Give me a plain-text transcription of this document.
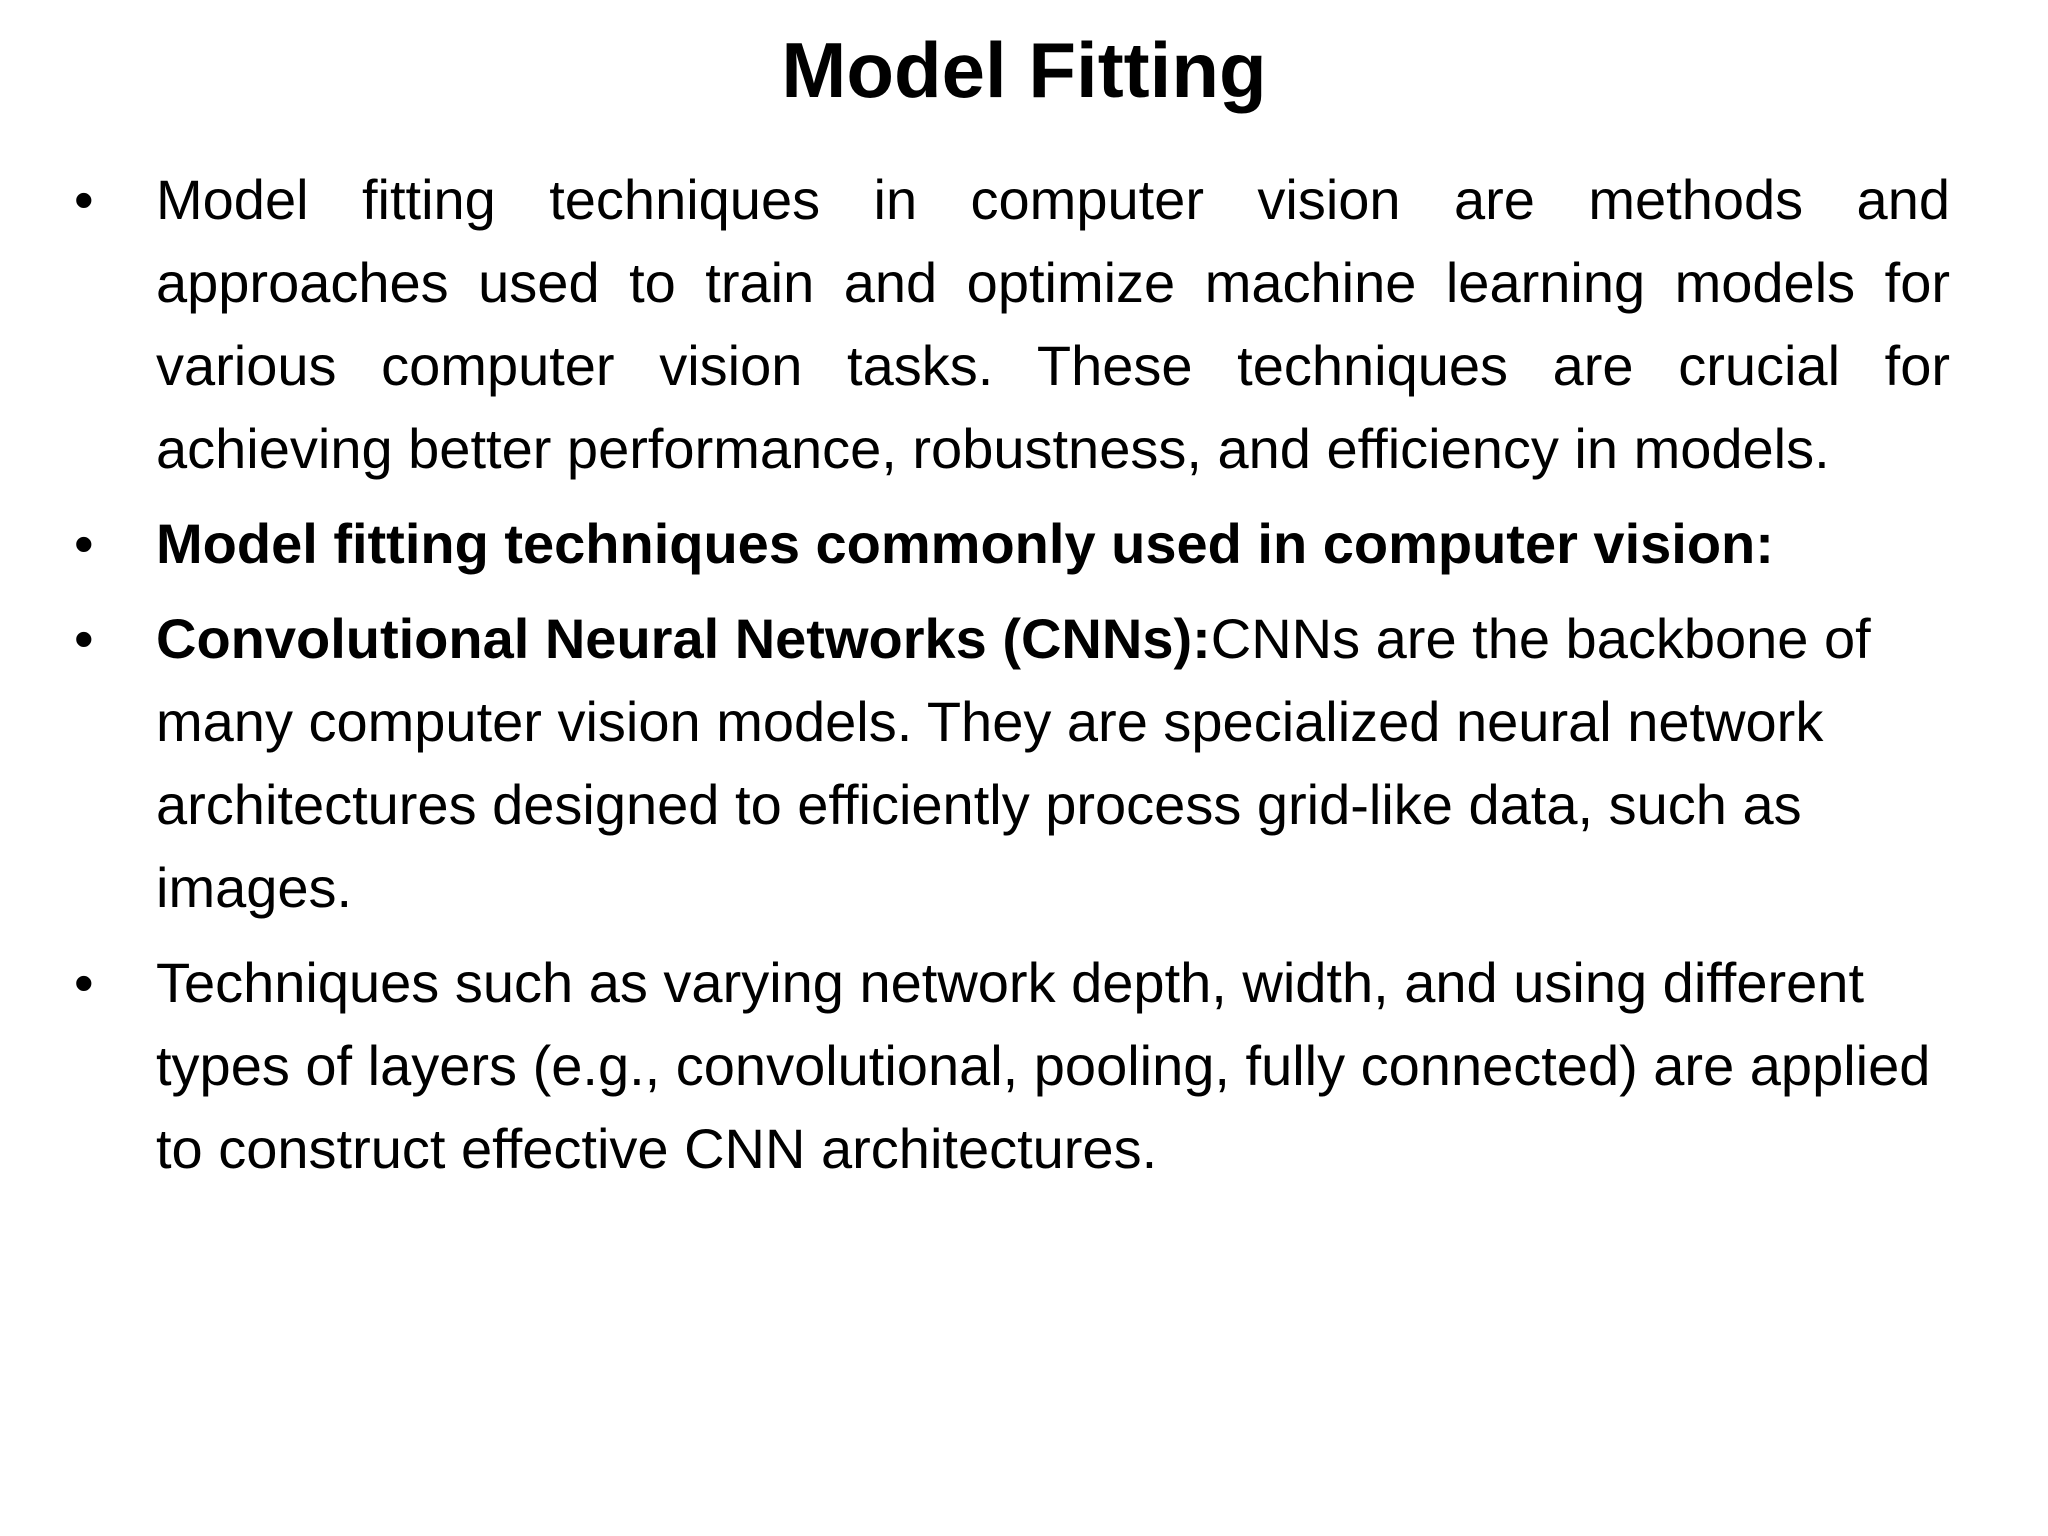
Model Fitting
• Model fitting techniques in computer vision are methods and approaches used to train and optimize machine learning models for various computer vision tasks. These techniques are crucial for achieving better performance, robustness, and efficiency in models.
• Model fitting techniques commonly used in computer vision:
• Convolutional Neural Networks (CNNs):CNNs are the backbone of many computer vision models. They are specialized neural network architectures designed to efficiently process grid-like data, such as images.
• Techniques such as varying network depth, width, and using different types of layers (e.g., convolutional, pooling, fully connected) are applied to construct effective CNN architectures.
